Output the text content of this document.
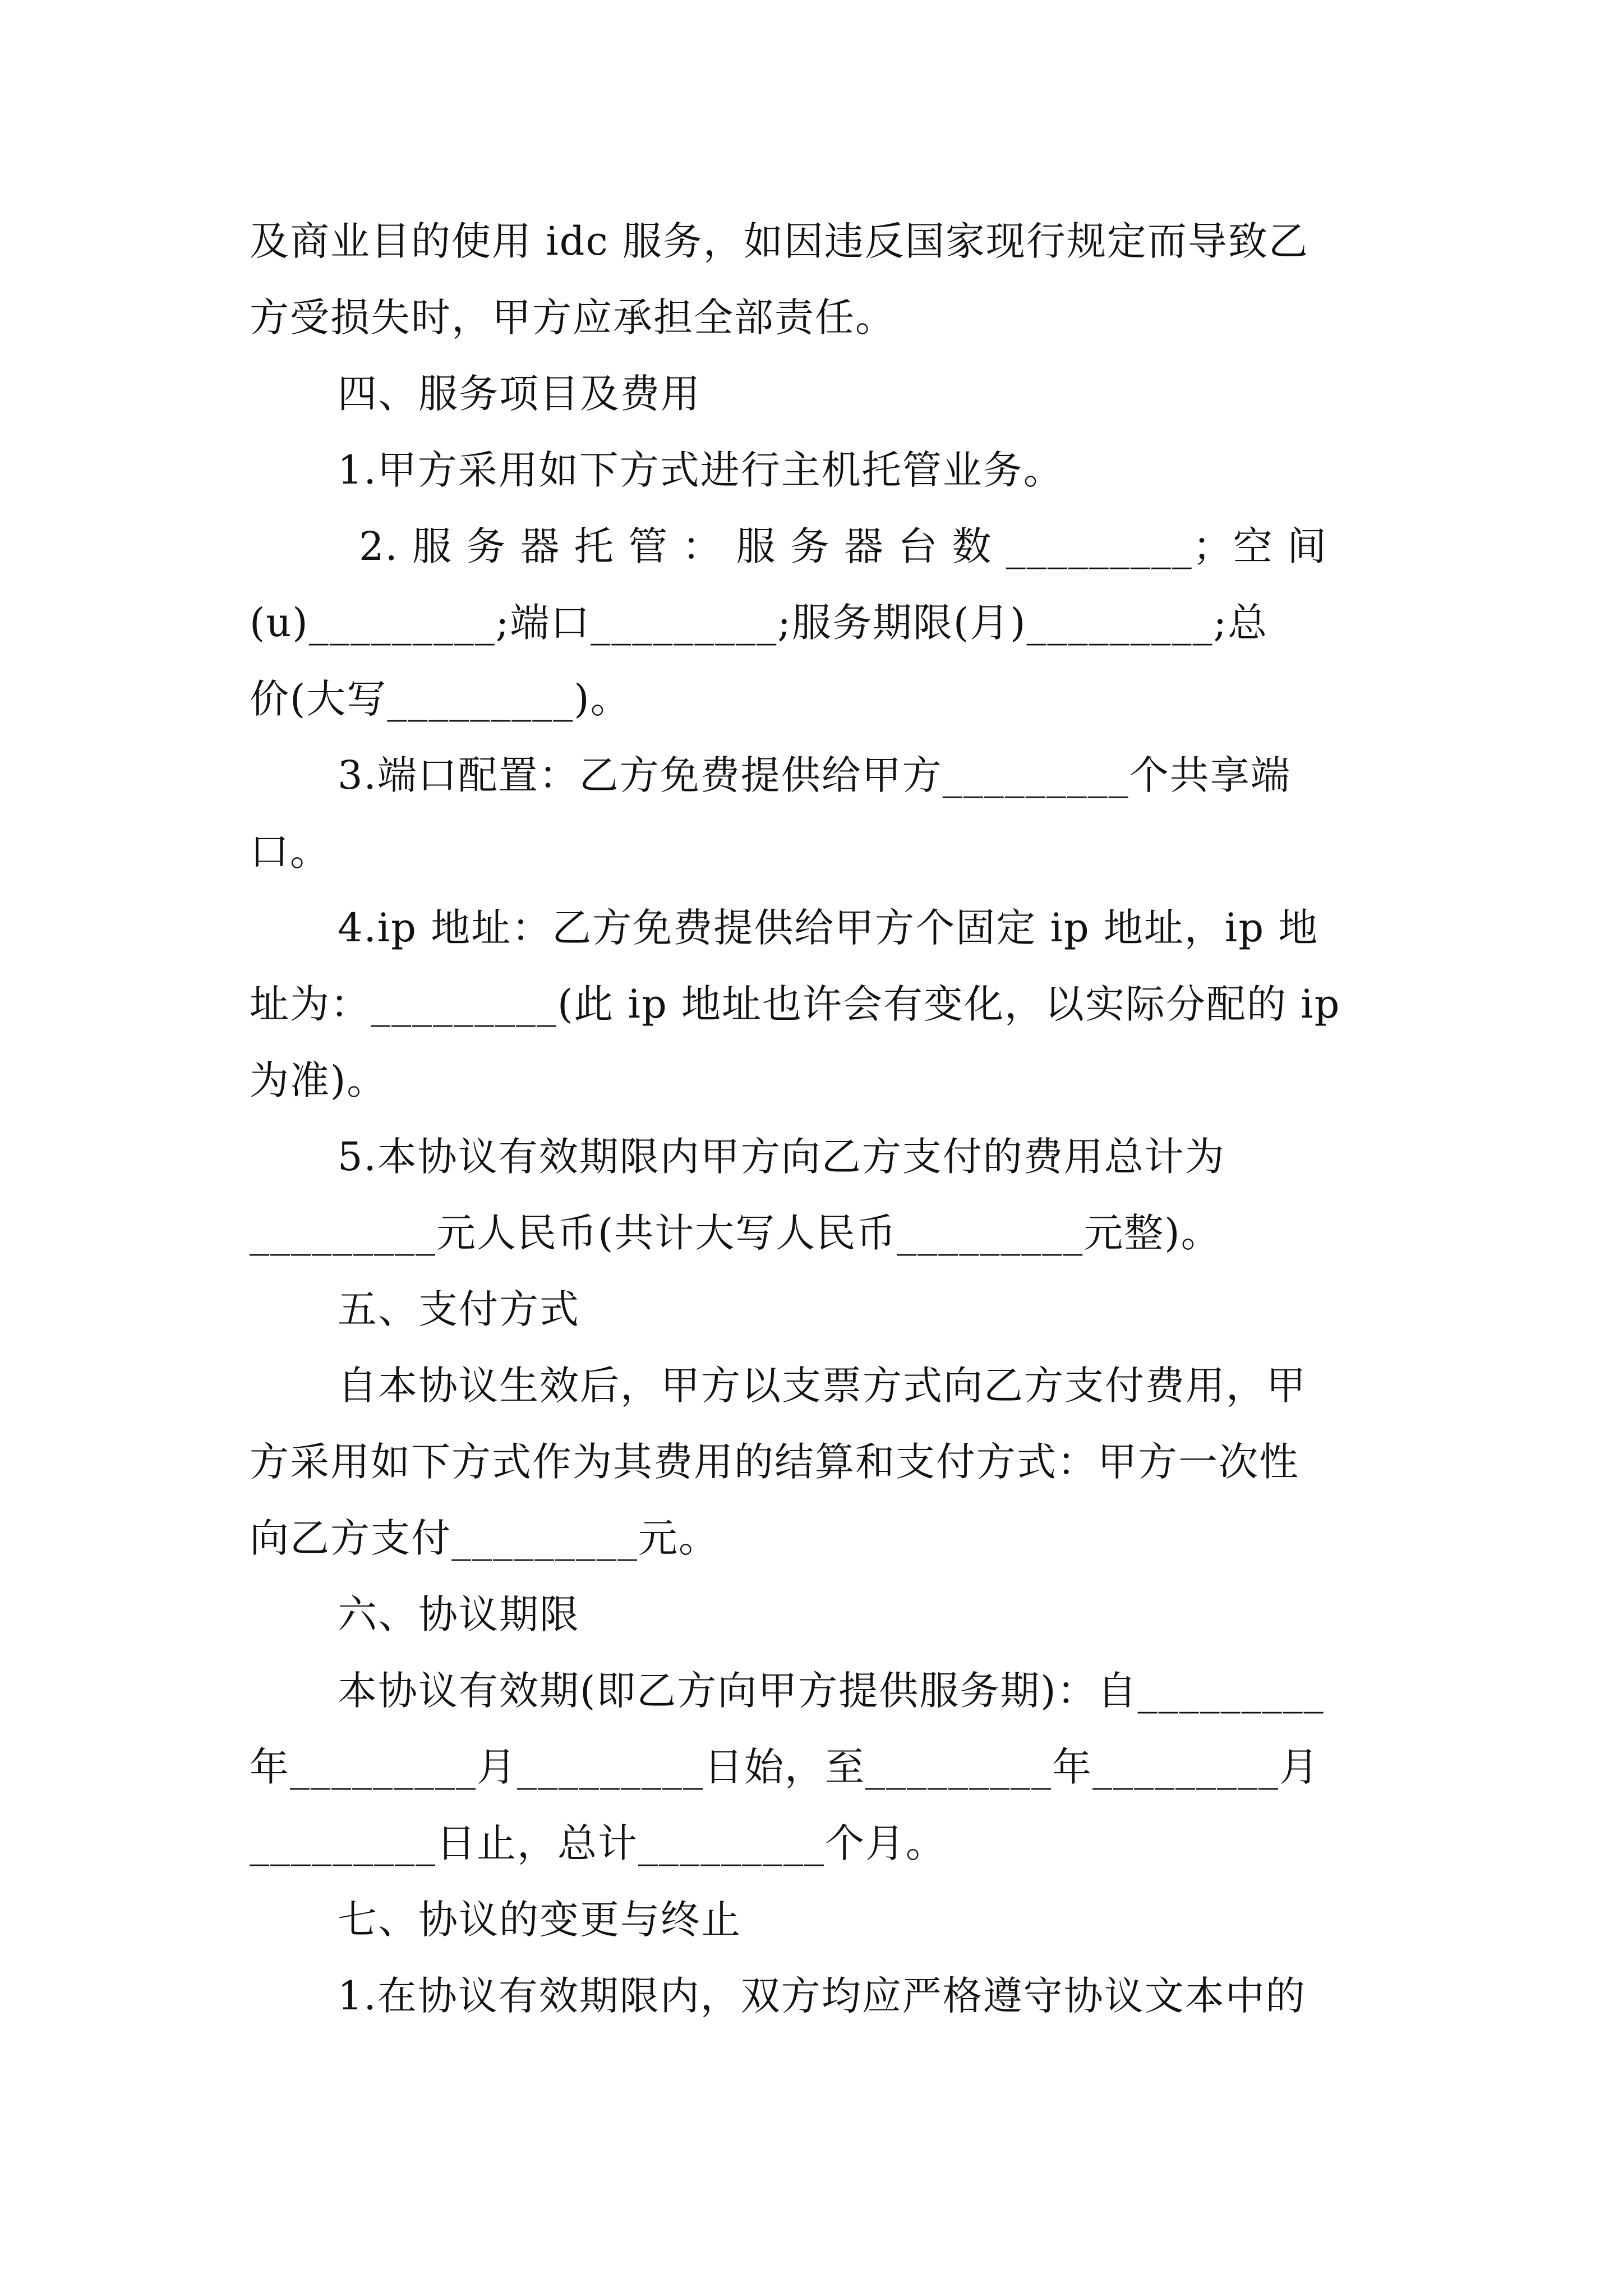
及商业目的使用 idc 服务，如因违反国家现行规定而导致乙
方受损失时，甲方应承担全部责任。
四、服务项目及费用
1.甲方采用如下方式进行主机托管业务。
2. 服 务 器 托 管 ： 服 务 器 台 数 _________；空 间
(u)_________;端口_________;服务期限(月)_________;总
价(大写_________)。
3.端口配置：乙方免费提供给甲方_________个共享端
口。
4.ip 地址：乙方免费提供给甲方个固定 ip 地址，ip 地
址为：_________(此 ip 地址也许会有变化，以实际分配的 ip
为准)。
5.本协议有效期限内甲方向乙方支付的费用总计为
_________元人民币(共计大写人民币_________元整)。
五、支付方式
自本协议生效后，甲方以支票方式向乙方支付费用，甲
方采用如下方式作为其费用的结算和支付方式：甲方一次性
向乙方支付_________元。
六、协议期限
本协议有效期(即乙方向甲方提供服务期)：自_________
年_________月_________日始，至_________年_________月
_________日止，总计_________个月。
七、协议的变更与终止
1.在协议有效期限内，双方均应严格遵守协议文本中的
